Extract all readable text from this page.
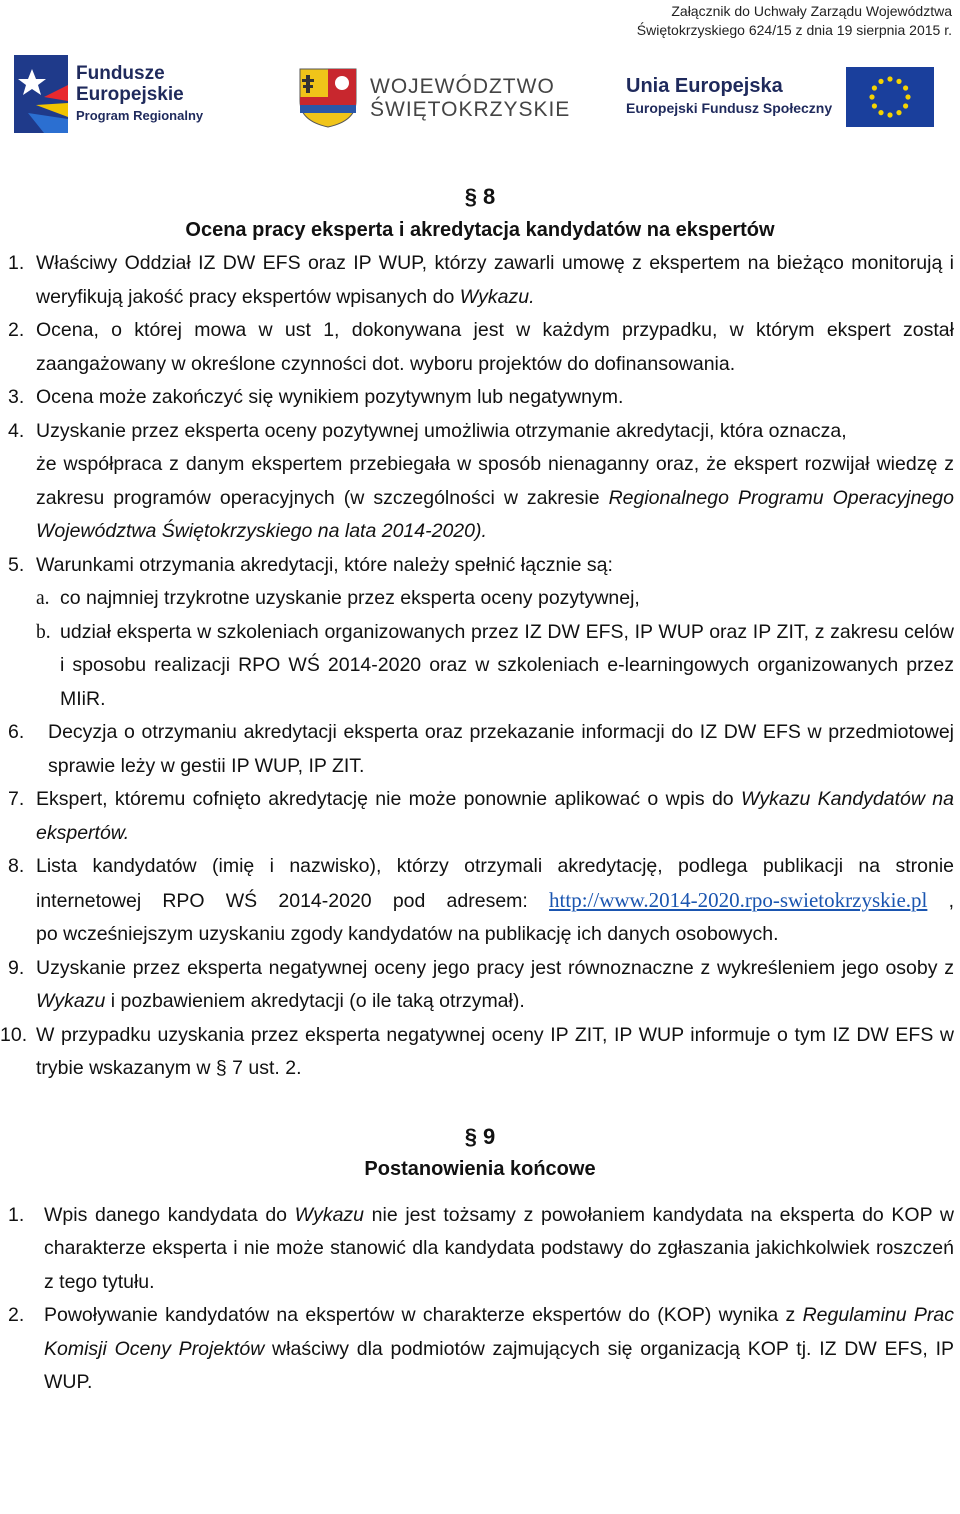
Załącznik do Uchwały Zarządu Województwa
Świętokrzyskiego 624/15 z dnia 19 sierpnia 2015 r.
Fundusze
Europejskie
Program Regionalny
WOJEWÓDZTWO
ŚWIĘTOKRZYSKIE
Unia Europejska
Europejski Fundusz Społeczny
§ 8
Ocena pracy eksperta i akredytacja kandydatów na ekspertów
1. Właściwy Oddział IZ DW EFS oraz IP WUP, którzy zawarli umowę z ekspertem na bieżąco monitorują i weryfikują jakość pracy ekspertów wpisanych do Wykazu.
2. Ocena, o której mowa w ust 1, dokonywana jest w każdym przypadku, w którym ekspert został zaangażowany w określone czynności dot. wyboru projektów do dofinansowania.
3. Ocena może zakończyć się wynikiem pozytywnym lub negatywnym.
4. Uzyskanie przez eksperta oceny pozytywnej umożliwia otrzymanie akredytacji, która oznacza,
że współpraca z danym ekspertem przebiegała w sposób nienaganny oraz, że ekspert rozwijał wiedzę z zakresu programów operacyjnych (w szczególności w zakresie Regionalnego Programu Operacyjnego Województwa Świętokrzyskiego na lata 2014-2020).
5. Warunkami otrzymania akredytacji, które należy spełnić łącznie są:
a. co najmniej trzykrotne uzyskanie przez eksperta oceny pozytywnej,
b. udział eksperta w szkoleniach organizowanych przez IZ DW EFS, IP WUP oraz IP ZIT, z zakresu celów i sposobu realizacji RPO WŚ 2014-2020 oraz w szkoleniach e-learningowych organizowanych przez MIiR.
6. Decyzja o otrzymaniu akredytacji eksperta oraz przekazanie informacji do IZ DW EFS w przedmiotowej sprawie leży w gestii IP WUP, IP ZIT.
7. Ekspert, któremu cofnięto akredytację nie może ponownie aplikować o wpis do Wykazu Kandydatów na ekspertów.
8. Lista kandydatów (imię i nazwisko), którzy otrzymali akredytację, podlega publikacji na stronie internetowej RPO WŚ 2014-2020 pod adresem: http://www.2014-2020.rpo-swietokrzyskie.pl ,
po wcześniejszym uzyskaniu zgody kandydatów na publikację ich danych osobowych.
9. Uzyskanie przez eksperta negatywnej oceny jego pracy jest równoznaczne z wykreśleniem jego osoby z Wykazu i pozbawieniem akredytacji (o ile taką otrzymał).
10. W przypadku uzyskania przez eksperta negatywnej oceny IP ZIT, IP WUP informuje o tym IZ DW EFS w trybie wskazanym w § 7 ust. 2.
§ 9
Postanowienia końcowe
1. Wpis danego kandydata do Wykazu nie jest tożsamy z powołaniem kandydata na eksperta do KOP w charakterze eksperta i nie może stanowić dla kandydata podstawy do zgłaszania jakichkolwiek roszczeń z tego tytułu.
2. Powoływanie kandydatów na ekspertów w charakterze ekspertów do (KOP) wynika z Regulaminu Prac Komisji Oceny Projektów właściwy dla podmiotów zajmujących się organizacją KOP tj. IZ DW EFS, IP WUP.
